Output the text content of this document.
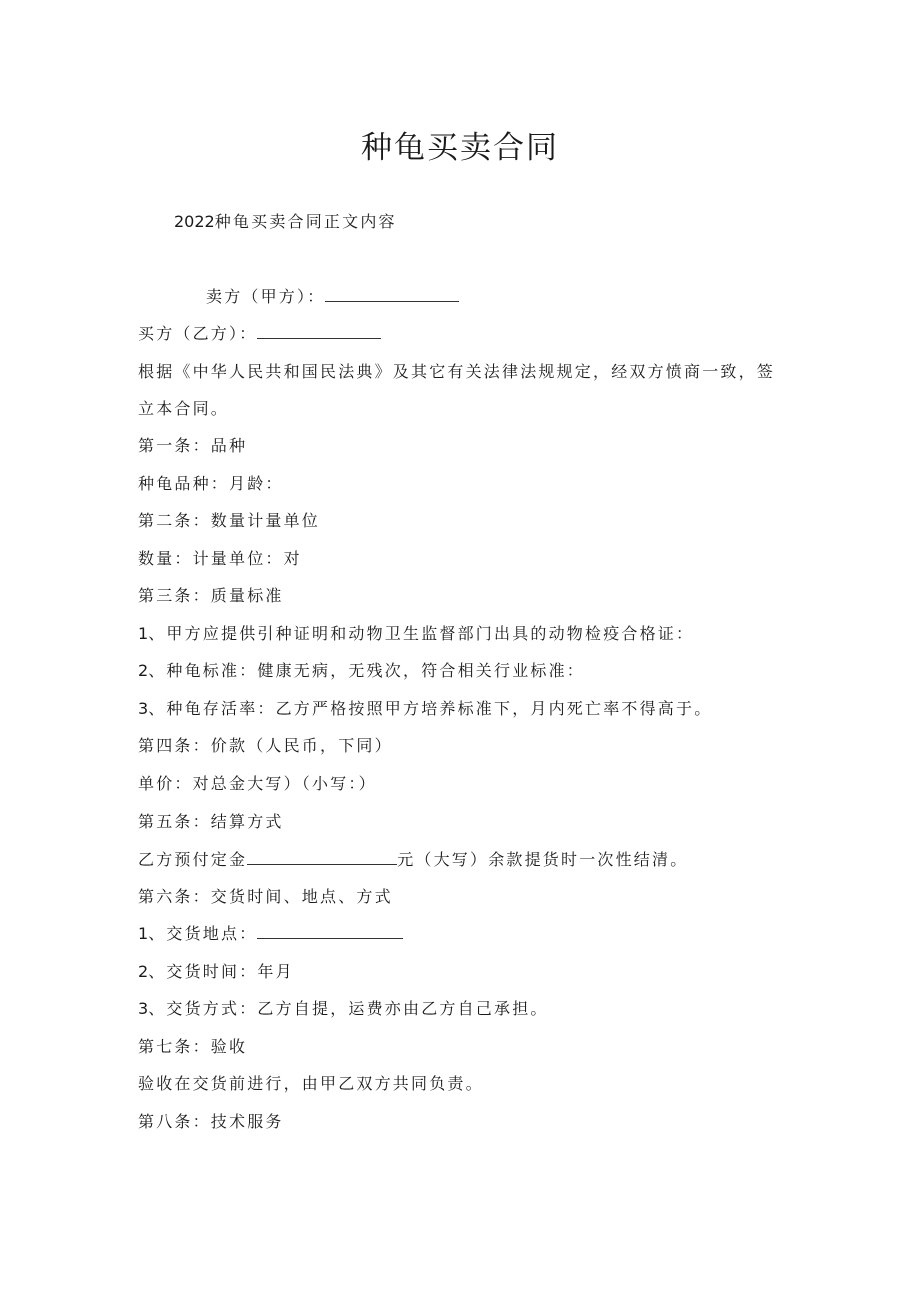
种龟买卖合同
2022种龟买卖合同正文内容
卖方（甲方）：
买方（乙方）：
根据《中华人民共和国民法典》及其它有关法律法规规定，经双方愤商一致，签
立本合同。
第一条：品种
种龟品种：月龄：
第二条：数量计量单位
数量：计量单位：对
第三条：质量标准
1、甲方应提供引种证明和动物卫生监督部门出具的动物检疫合格证：
2、种龟标准：健康无病，无残次，符合相关行业标准：
3、种龟存活率：乙方严格按照甲方培养标准下，月内死亡率不得高于。
第四条：价款（人民币，下同）
单价：对总金大写）（小写：）
第五条：结算方式
乙方预付定金	元（大写）余款提货时一次性结清。
第六条：交货时间、地点、方式
1、交货地点：
2、交货时间：年月
3、交货方式：乙方自提，运费亦由乙方自己承担。
第七条：验收
验收在交货前进行，由甲乙双方共同负责。
第八条：技术服务
